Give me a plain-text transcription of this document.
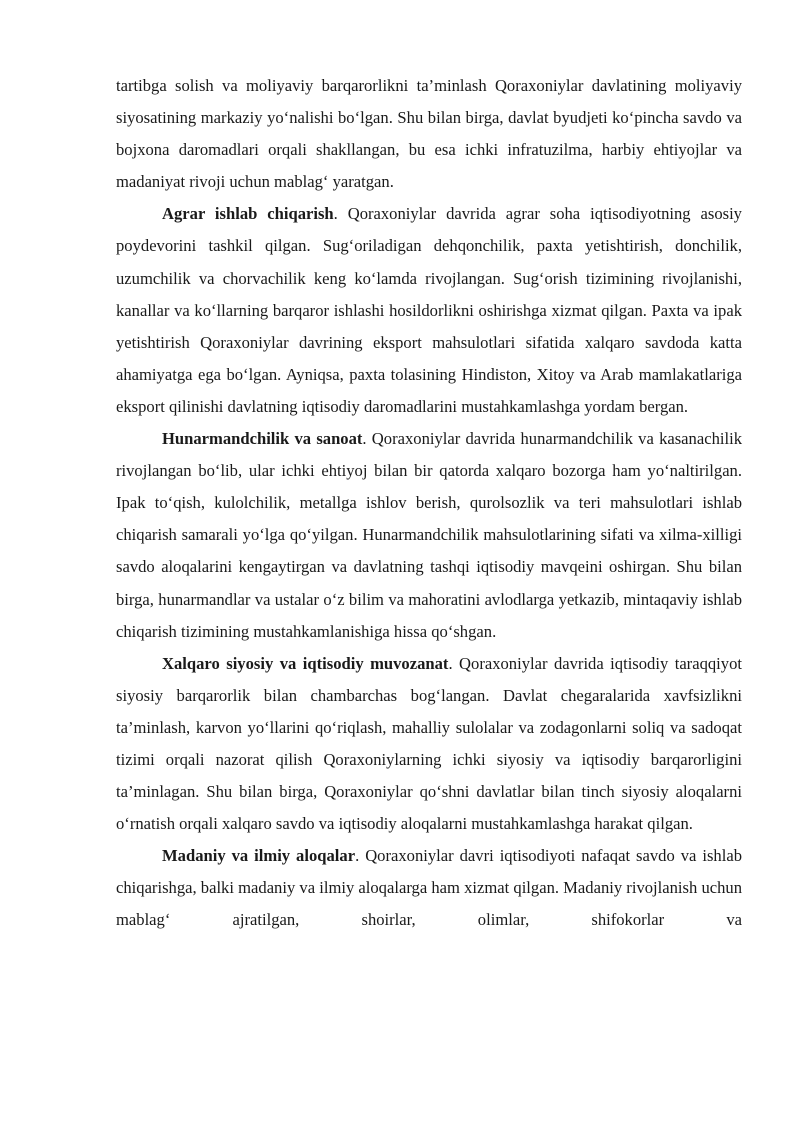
tartibga solish va moliyaviy barqarorlikni ta’minlash Qoraxoniylar davlatining moliyaviy siyosatining markaziy yo‘nalishi bo‘lgan. Shu bilan birga, davlat byudjeti ko‘pincha savdo va bojxona daromadlari orqali shakllangan, bu esa ichki infratuzilma, harbiy ehtiyojlar va madaniyat rivoji uchun mablag‘ yaratgan.

Agrar ishlab chiqarish. Qoraxoniylar davrida agrar soha iqtisodiyotning asosiy poydevorini tashkil qilgan. Sug‘oriladigan dehqonchilik, paxta yetishtirish, donchilik, uzumchilik va chorvachilik keng ko‘lamda rivojlangan. Sug‘orish tizimining rivojlanishi, kanallar va ko‘llarning barqaror ishlashi hosildorlikni oshirishga xizmat qilgan. Paxta va ipak yetishtirish Qoraxoniylar davrining eksport mahsulotlari sifatida xalqaro savdoda katta ahamiyatga ega bo‘lgan. Ayniqsa, paxta tolasining Hindiston, Xitoy va Arab mamlakatlariga eksport qilinishi davlatning iqtisodiy daromadlarini mustahkamlashga yordam bergan.

Hunarmandchilik va sanoat. Qoraxoniylar davrida hunarmandchilik va kasanachilik rivojlangan bo‘lib, ular ichki ehtiyoj bilan bir qatorda xalqaro bozorga ham yo‘naltirilgan. Ipak to‘qish, kulolchilik, metallga ishlov berish, qurolsozlik va teri mahsulotlari ishlab chiqarish samarali yo‘lga qo‘yilgan. Hunarmandchilik mahsulotlarining sifati va xilma-xilligi savdo aloqalarini kengaytirgan va davlatning tashqi iqtisodiy mavqeini oshirgan. Shu bilan birga, hunarmandlar va ustalar o‘z bilim va mahoratini avlodlarga yetkazib, mintaqaviy ishlab chiqarish tizimining mustahkamlanishiga hissa qo‘shgan.

Xalqaro siyosiy va iqtisodiy muvozanat. Qoraxoniylar davrida iqtisodiy taraqqiyot siyosiy barqarorlik bilan chambarchas bog‘langan. Davlat chegaralarida xavfsizlikni ta’minlash, karvon yo‘llarini qo‘riqlash, mahalliy sulolalar va zodagonlarni soliq va sadoqat tizimi orqali nazorat qilish Qoraxoniylarning ichki siyosiy va iqtisodiy barqarorligini ta’minlagan. Shu bilan birga, Qoraxoniylar qo‘shni davlatlar bilan tinch siyosiy aloqalarni o‘rnatish orqali xalqaro savdo va iqtisodiy aloqalarni mustahkamlashga harakat qilgan.

Madaniy va ilmiy aloqalar. Qoraxoniylar davri iqtisodiyoti nafaqat savdo va ishlab chiqarishga, balki madaniy va ilmiy aloqalarga ham xizmat qilgan. Madaniy rivojlanish uchun mablag‘ ajratilgan, shoirlar, olimlar, shifokorlar va
